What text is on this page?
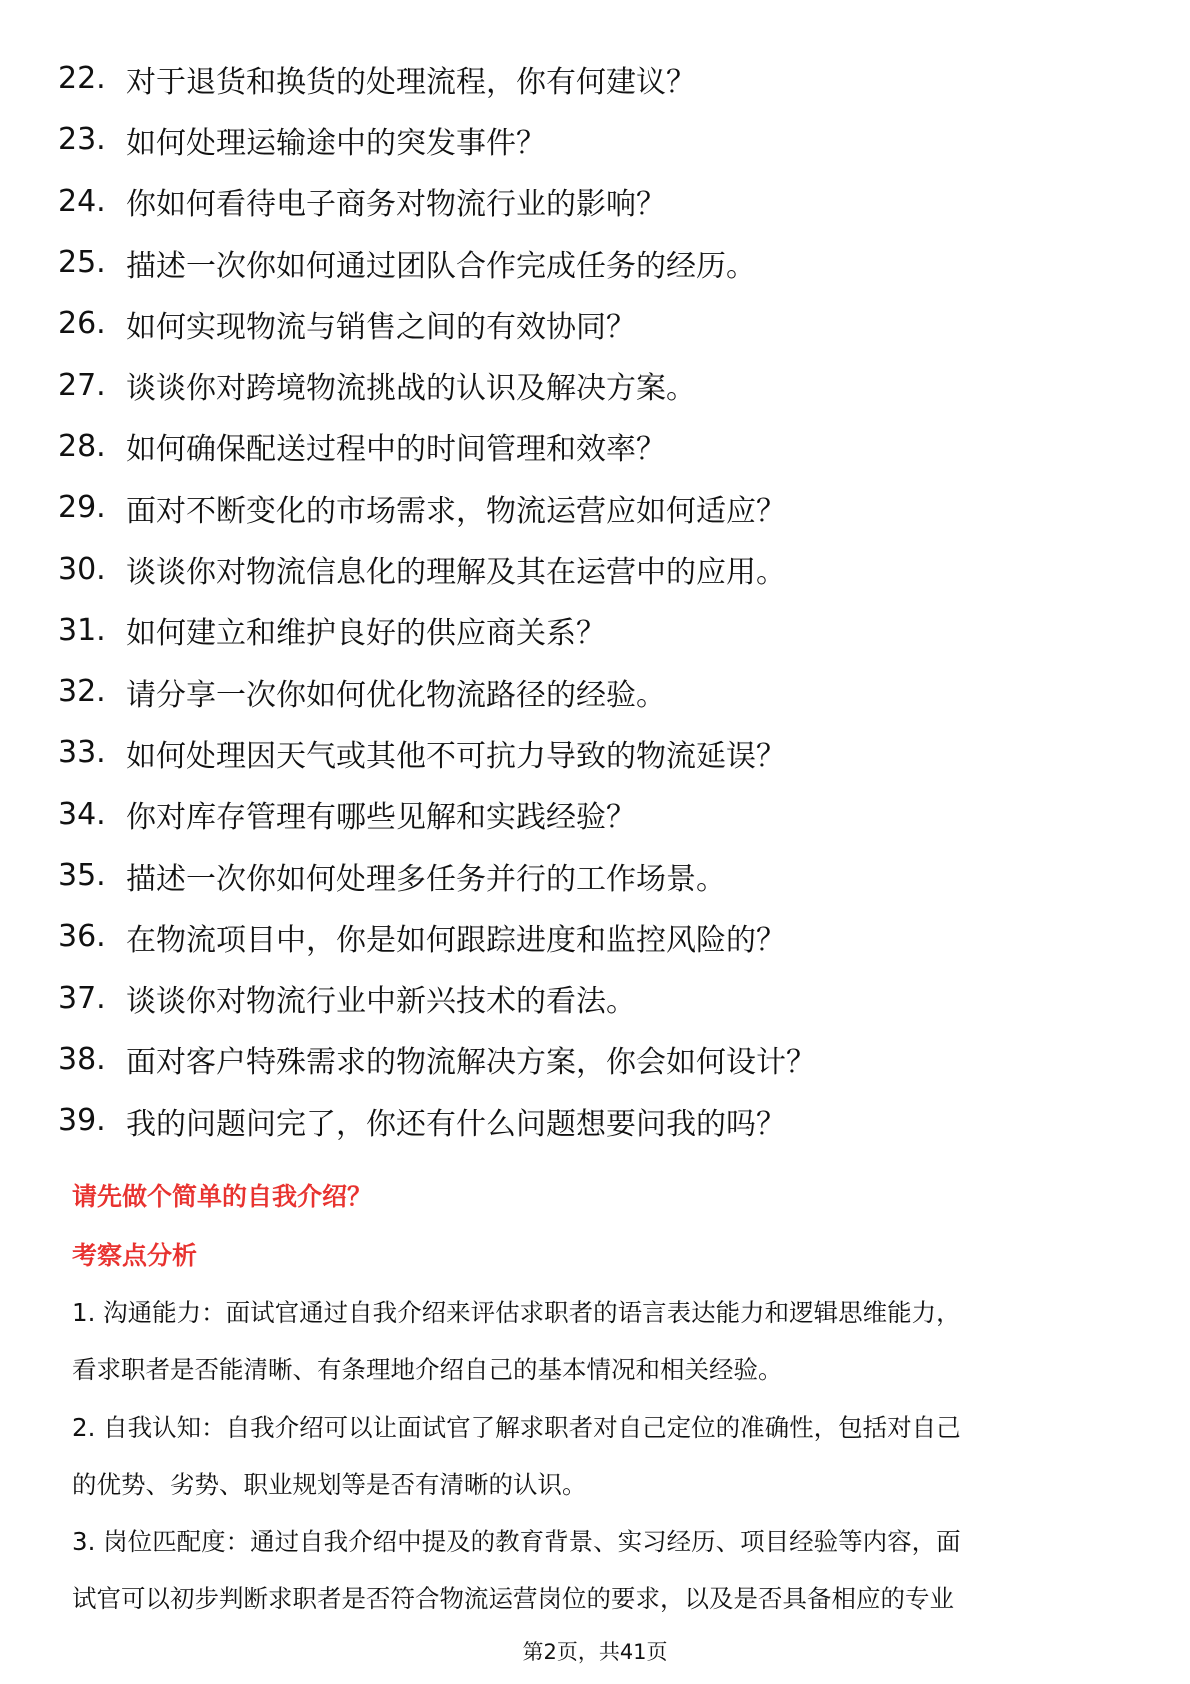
22. 对于退货和换货的处理流程，你有何建议？
23. 如何处理运输途中的突发事件？
24. 你如何看待电子商务对物流行业的影响？
25. 描述一次你如何通过团队合作完成任务的经历。
26. 如何实现物流与销售之间的有效协同？
27. 谈谈你对跨境物流挑战的认识及解决方案。
28. 如何确保配送过程中的时间管理和效率？
29. 面对不断变化的市场需求，物流运营应如何适应？
30. 谈谈你对物流信息化的理解及其在运营中的应用。
31. 如何建立和维护良好的供应商关系？
32. 请分享一次你如何优化物流路径的经验。
33. 如何处理因天气或其他不可抗力导致的物流延误？
34. 你对库存管理有哪些见解和实践经验？
35. 描述一次你如何处理多任务并行的工作场景。
36. 在物流项目中，你是如何跟踪进度和监控风险的？
37. 谈谈你对物流行业中新兴技术的看法。
38. 面对客户特殊需求的物流解决方案，你会如何设计？
39. 我的问题问完了，你还有什么问题想要问我的吗？
请先做个简单的自我介绍？
考察点分析
1. 沟通能力：面试官通过自我介绍来评估求职者的语言表达能力和逻辑思维能力，
看求职者是否能清晰、有条理地介绍自己的基本情况和相关经验。
2. 自我认知：自我介绍可以让面试官了解求职者对自己定位的准确性，包括对自己
的优势、劣势、职业规划等是否有清晰的认识。
3. 岗位匹配度：通过自我介绍中提及的教育背景、实习经历、项目经验等内容，面
试官可以初步判断求职者是否符合物流运营岗位的要求，以及是否具备相应的专业
第2页，共41页
